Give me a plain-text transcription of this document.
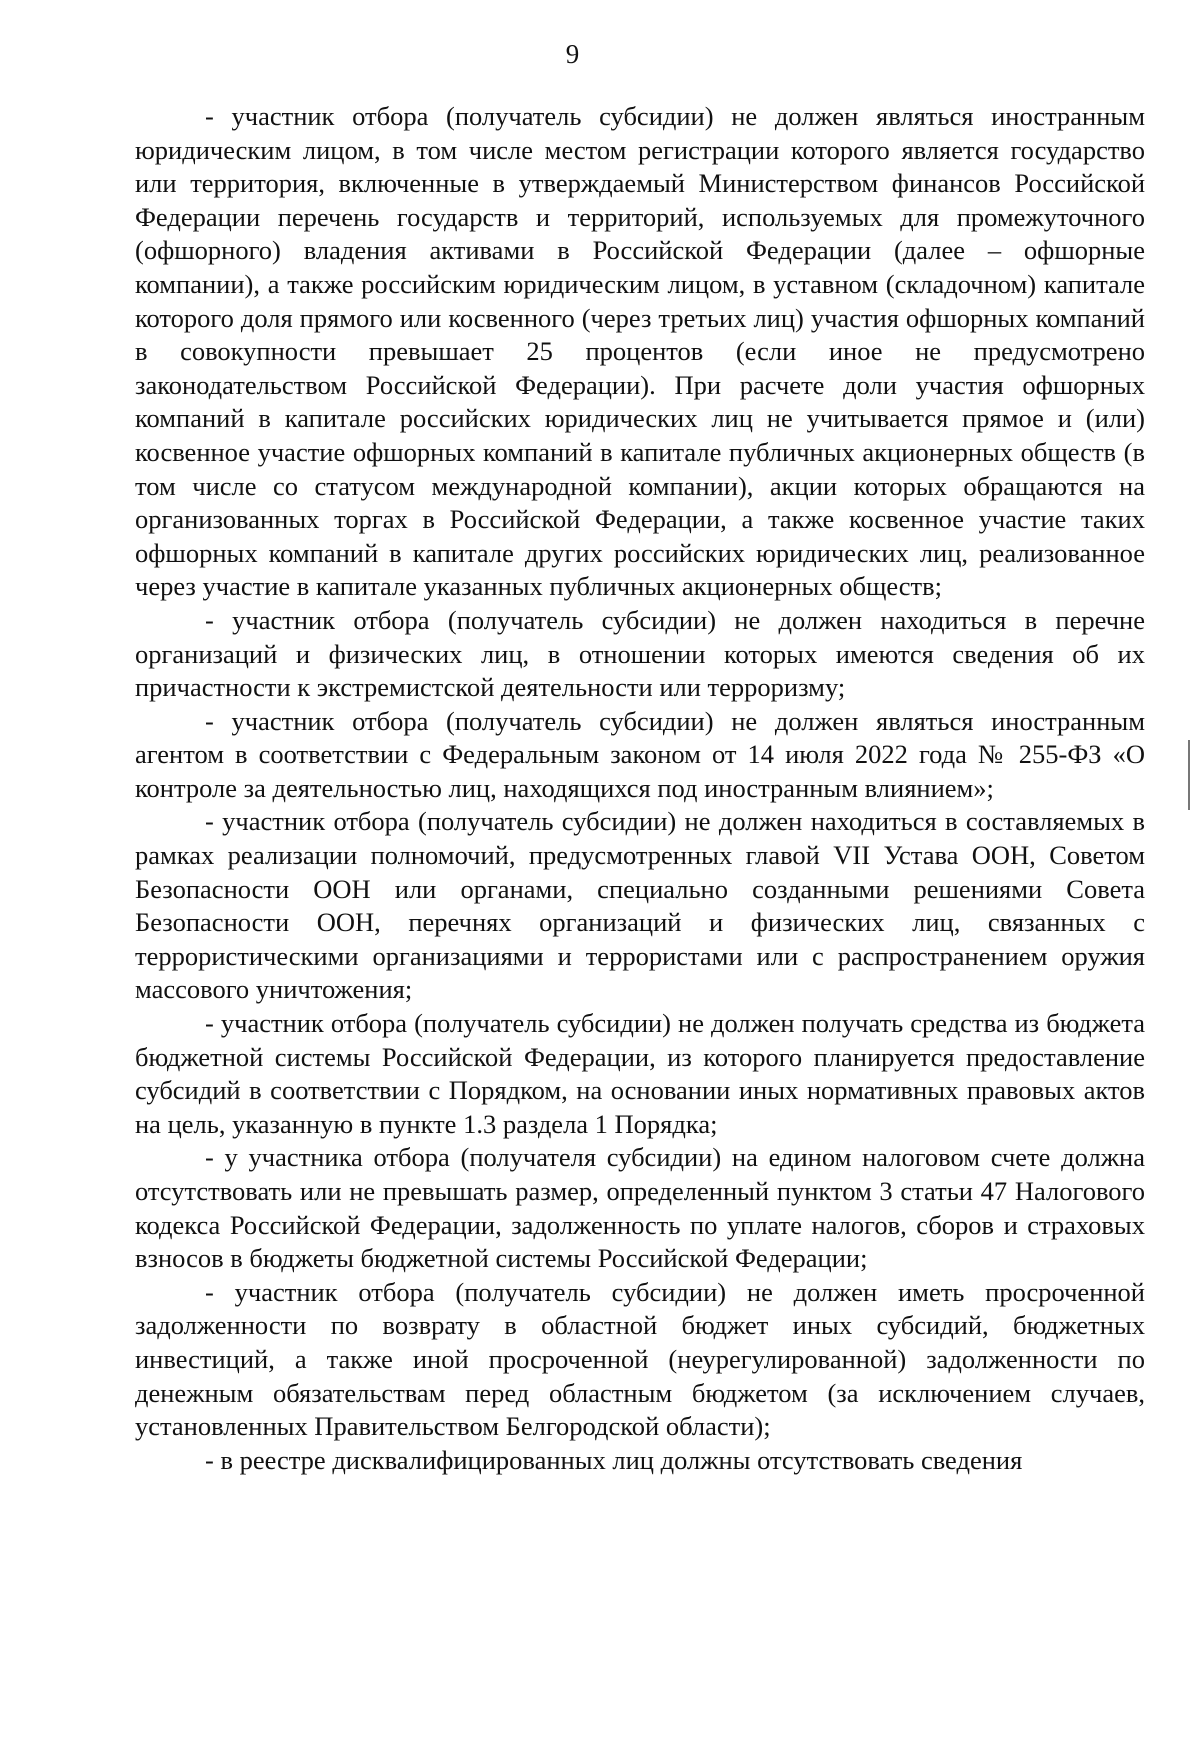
9

- участник отбора (получатель субсидии) не должен являться иностранным юридическим лицом, в том числе местом регистрации которого является государство или территория, включенные в утверждаемый Министерством финансов Российской Федерации перечень государств и территорий, используемых для промежуточного (офшорного) владения активами в Российской Федерации (далее – офшорные компании), а также российским юридическим лицом, в уставном (складочном) капитале которого доля прямого или косвенного (через третьих лиц) участия офшорных компаний в совокупности превышает 25 процентов (если иное не предусмотрено законодательством Российской Федерации). При расчете доли участия офшорных компаний в капитале российских юридических лиц не учитывается прямое и (или) косвенное участие офшорных компаний в капитале публичных акционерных обществ (в том числе со статусом международной компании), акции которых обращаются на организованных торгах в Российской Федерации, а также косвенное участие таких офшорных компаний в капитале других российских юридических лиц, реализованное через участие в капитале указанных публичных акционерных обществ;

- участник отбора (получатель субсидии) не должен находиться в перечне организаций и физических лиц, в отношении которых имеются сведения об их причастности к экстремистской деятельности или терроризму;

- участник отбора (получатель субсидии) не должен являться иностранным агентом в соответствии с Федеральным законом от 14 июля 2022 года № 255-ФЗ «О контроле за деятельностью лиц, находящихся под иностранным влиянием»;

- участник отбора (получатель субсидии) не должен находиться в составляемых в рамках реализации полномочий, предусмотренных главой VII Устава ООН, Советом Безопасности ООН или органами, специально созданными решениями Совета Безопасности ООН, перечнях организаций и физических лиц, связанных с террористическими организациями и террористами или с распространением оружия массового уничтожения;

- участник отбора (получатель субсидии) не должен получать средства из бюджета бюджетной системы Российской Федерации, из которого планируется предоставление субсидий в соответствии с Порядком, на основании иных нормативных правовых актов на цель, указанную в пункте 1.3 раздела 1 Порядка;

- у участника отбора (получателя субсидии) на едином налоговом счете должна отсутствовать или не превышать размер, определенный пунктом 3 статьи 47 Налогового кодекса Российской Федерации, задолженность по уплате налогов, сборов и страховых взносов в бюджеты бюджетной системы Российской Федерации;

- участник отбора (получатель субсидии) не должен иметь просроченной задолженности по возврату в областной бюджет иных субсидий, бюджетных инвестиций, а также иной просроченной (неурегулированной) задолженности по денежным обязательствам перед областным бюджетом (за исключением случаев, установленных Правительством Белгородской области);

- в реестре дисквалифицированных лиц должны отсутствовать сведения
